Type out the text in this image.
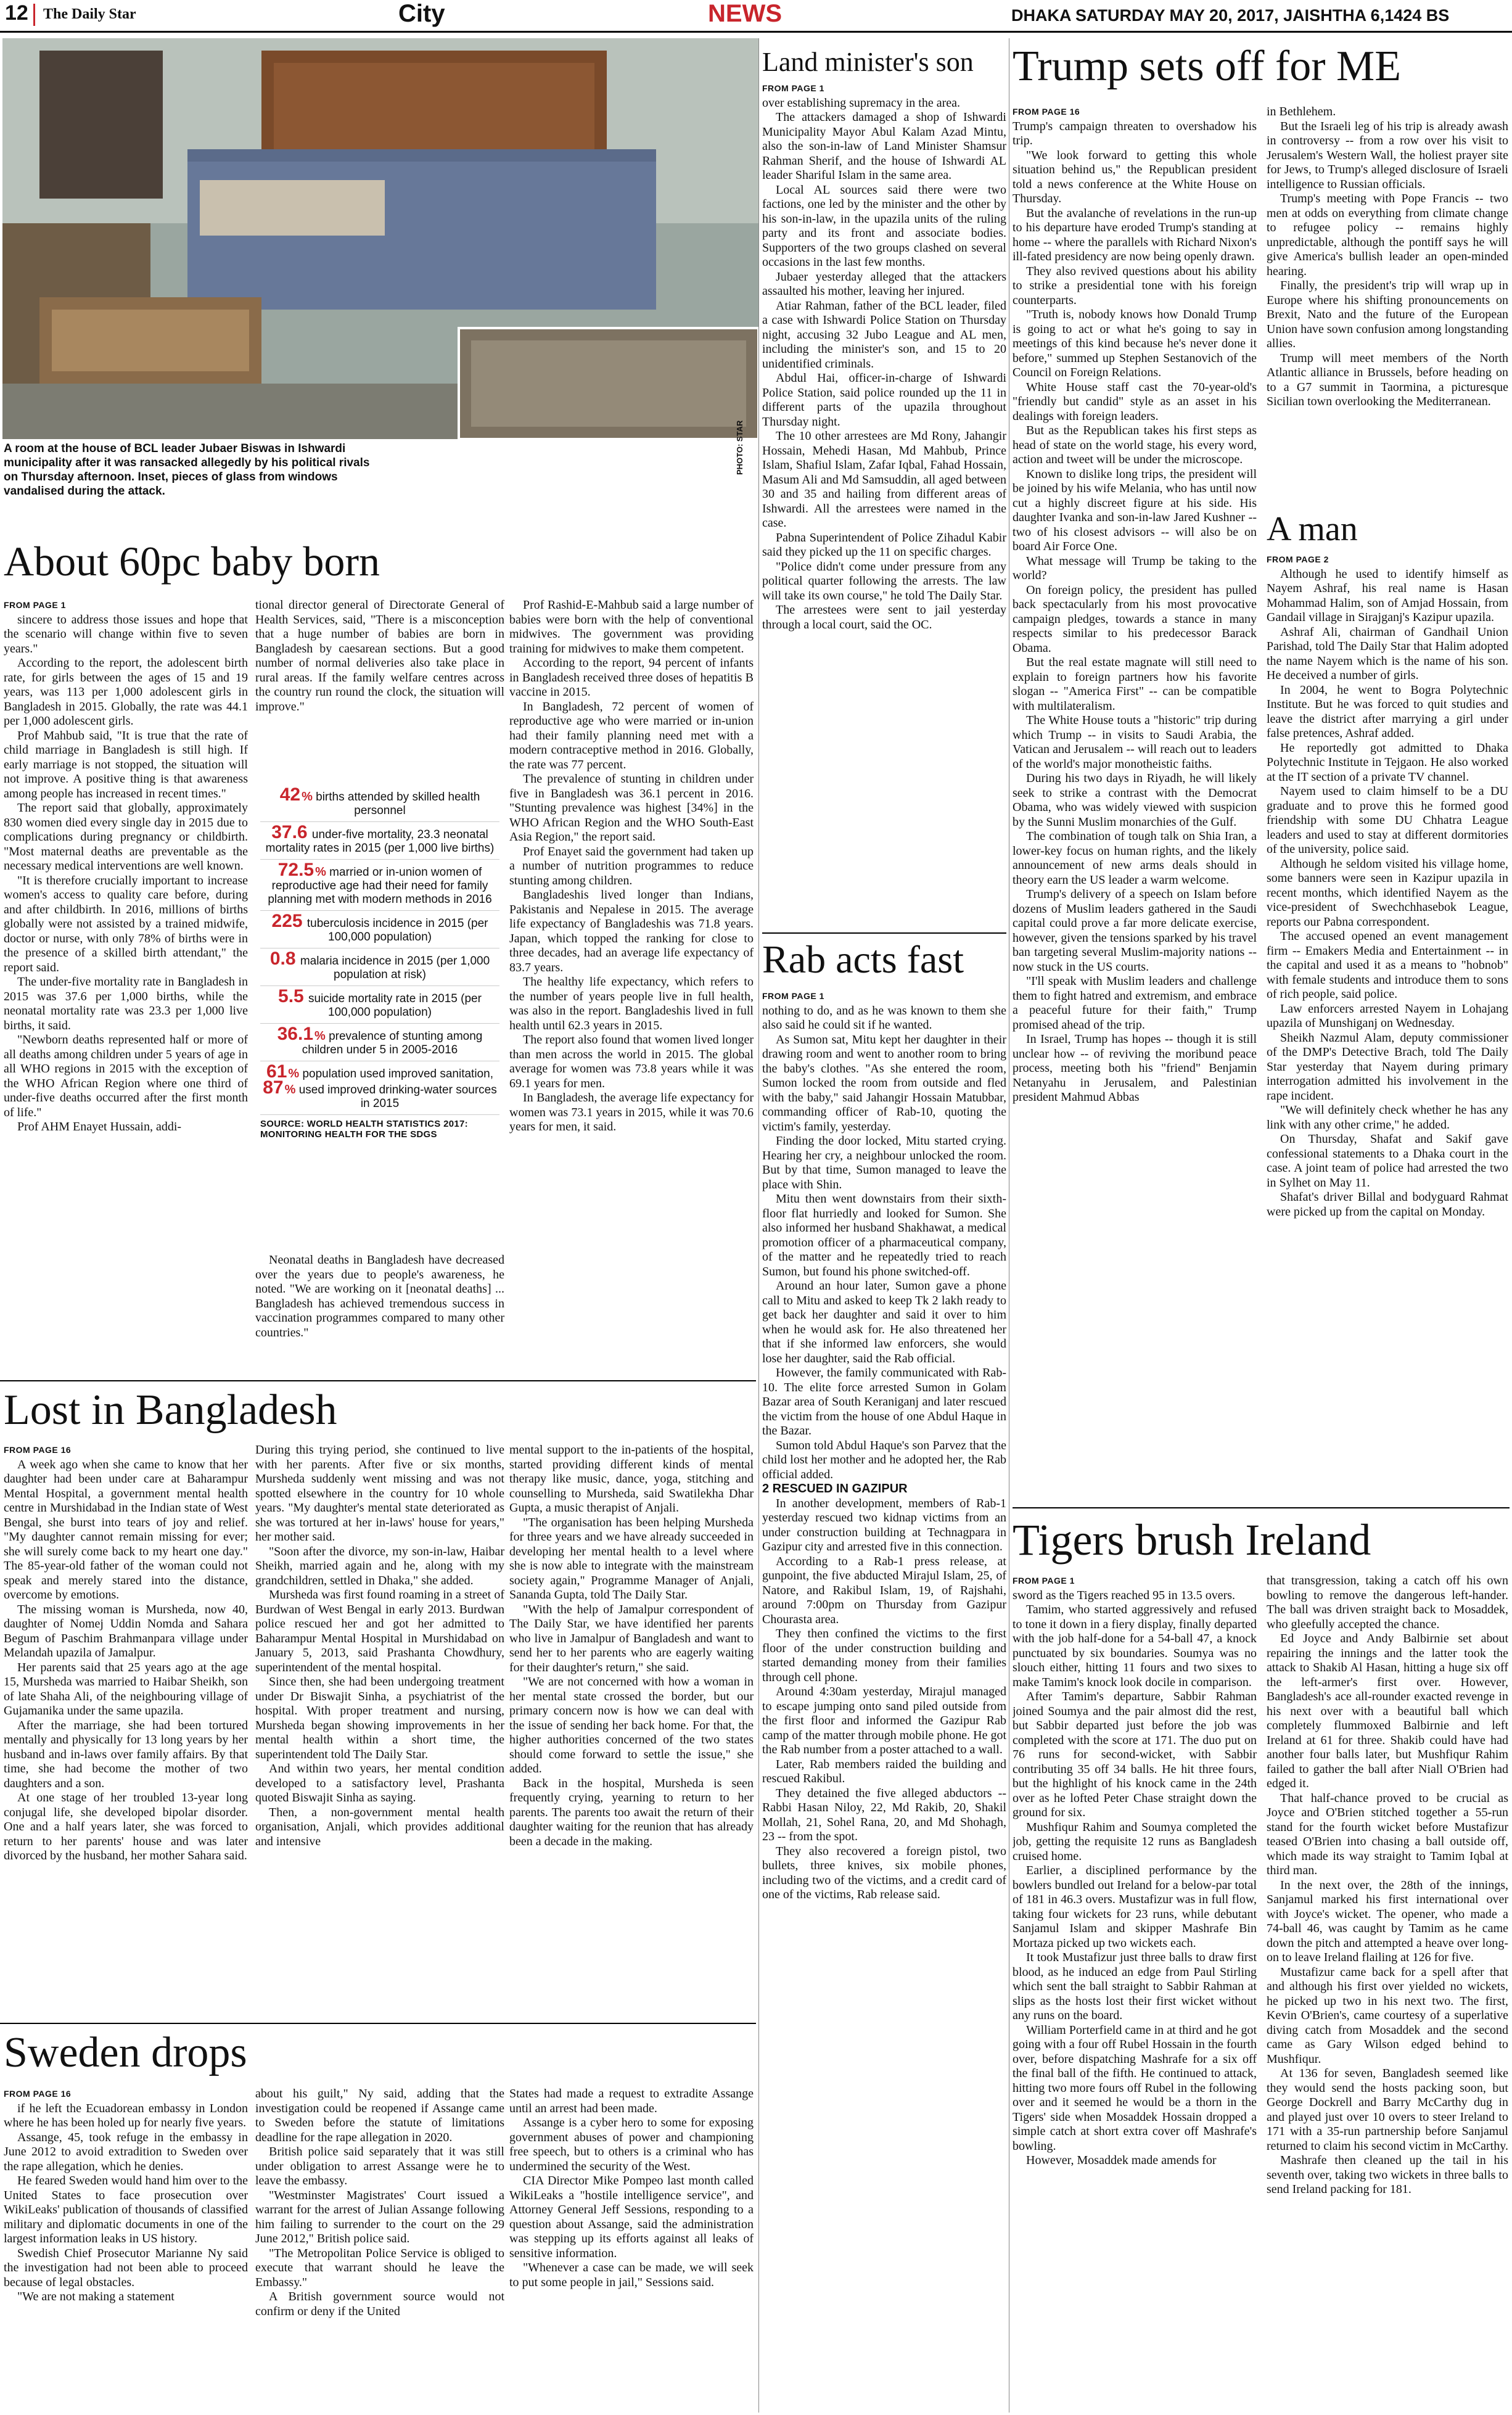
12 The Daily Star	City	NEWS	DHAKA SATURDAY MAY 20, 2017, JAISHTHA 6,1424 BS
A room at the house of BCL leader Jubaer Biswas in Ishwardi municipality after it was ransacked allegedly by his political rivals on Thursday afternoon. Inset, pieces of glass from windows vandalised during the attack.
PHOTO: STAR
About 60pc baby born

FROM PAGE 1

sincere to address those issues and hope that the scenario will change within five to seven years."

According to the report, the adolescent birth rate, for girls between the ages of 15 and 19 years, was 113 per 1,000 adolescent girls in Bangladesh in 2015. Globally, the rate was 44.1 per 1,000 adolescent girls.

Prof Mahbub said, "It is true that the rate of child marriage in Bangladesh is still high. If early marriage is not stopped, the situation will not improve. A positive thing is that awareness among people has increased in recent times."

The report said that globally, approximately 830 women died every single day in 2015 due to complications during pregnancy or childbirth. "Most maternal deaths are preventable as the necessary medical interventions are well known.

"It is therefore crucially important to increase women's access to quality care before, during and after childbirth. In 2016, millions of births globally were not assisted by a trained midwife, doctor or nurse, with only 78% of births were in the presence of a skilled birth attendant," the report said.

The under-five mortality rate in Bangladesh in 2015 was 37.6 per 1,000 births, while the neonatal mortality rate was 23.3 per 1,000 live births, it said.

"Newborn deaths represented half or more of all deaths among children under 5 years of age in all WHO regions in 2015 with the exception of the WHO African Region where one third of under-five deaths occurred after the first month of life."

Prof AHM Enayet Hussain, addi-

tional director general of Directorate General of Health Services, said, "There is a misconception that a huge number of babies are born in Bangladesh by caesarean sections. But a good number of normal deliveries also take place in rural areas. If the family welfare centres across the country run round the clock, the situation will improve."

42 % births attended by skilled health personnel
37.6 under-five mortality, 23.3 neonatal mortality rates in 2015 (per 1,000 live births)
72.5 % married or in-union women of reproductive age had their need for family planning met with modern methods in 2016
225 tuberculosis incidence in 2015 (per 100,000 population)
0.8 malaria incidence in 2015 (per 1,000 population at risk)
5.5 suicide mortality rate in 2015 (per 100,000 population)
36.1 % prevalence of stunting among children under 5 in 2005-2016
61 % population used improved sanitation, 87 % used improved drinking-water sources in 2015
SOURCE: WORLD HEALTH STATISTICS 2017: MONITORING HEALTH FOR THE SDGS

Neonatal deaths in Bangladesh have decreased over the years due to people's awareness, he noted. "We are working on it [neonatal deaths] ... Bangladesh has achieved tremendous success in vaccination programmes compared to many other countries."

Prof Rashid-E-Mahbub said a large number of babies were born with the help of conventional midwives. The government was providing training for midwives to make them competent.

According to the report, 94 percent of infants in Bangladesh received three doses of hepatitis B vaccine in 2015.

In Bangladesh, 72 percent of women of reproductive age who were married or in-union had their family planning need met with a modern contraceptive method in 2016. Globally, the rate was 77 percent.

The prevalence of stunting in children under five in Bangladesh was 36.1 percent in 2016. "Stunting prevalence was highest [34%] in the WHO African Region and the WHO South-East Asia Region," the report said.

Prof Enayet said the government had taken up a number of nutrition programmes to reduce stunting among children.

Bangladeshis lived longer than Indians, Pakistanis and Nepalese in 2015. The average life expectancy of Bangladeshis was 71.8 years. Japan, which topped the ranking for close to three decades, had an average life expectancy of 83.7 years.

The healthy life expectancy, which refers to the number of years people live in full health, was also in the report. Bangladeshis lived in full health until 62.3 years in 2015.

The report also found that women lived longer than men across the world in 2015. The global average for women was 73.8 years while it was 69.1 years for men.

In Bangladesh, the average life expectancy for women was 73.1 years in 2015, while it was 70.6 years for men, it said.

Lost in Bangladesh

FROM PAGE 16

A week ago when she came to know that her daughter had been under care at Baharampur Mental Hospital, a government mental health centre in Murshidabad in the Indian state of West Bengal, she burst into tears of joy and relief. "My daughter cannot remain missing for ever; she will surely come back to my heart one day." The 85-year-old father of the woman could not speak and merely stared into the distance, overcome by emotions.

The missing woman is Mursheda, now 40, daughter of Nomej Uddin Nomda and Sahara Begum of Paschim Brahmanpara village under Melandah upazila of Jamalpur.

Her parents said that 25 years ago at the age 15, Mursheda was married to Haibar Sheikh, son of late Shaha Ali, of the neighbouring village of Gujamanika under the same upazila.

After the marriage, she had been tortured mentally and physically for 13 long years by her husband and in-laws over family affairs. By that time, she had become the mother of two daughters and a son.

At one stage of her troubled 13-year long conjugal life, she developed bipolar disorder. One and a half years later, she was forced to return to her parents' house and was later divorced by the husband, her mother Sahara said.

During this trying period, she continued to live with her parents. After five or six months, Mursheda suddenly went missing and was not spotted elsewhere in the country for 10 whole years. "My daughter's mental state deteriorated as she was tortured at her in-laws' house for years," her mother said.

"Soon after the divorce, my son-in-law, Haibar Sheikh, married again and he, along with my grandchildren, settled in Dhaka," she added.

Mursheda was first found roaming in a street of Burdwan of West Bengal in early 2013. Burdwan police rescued her and got her admitted to Baharampur Mental Hospital in Murshidabad on January 5, 2013, said Prashanta Chowdhury, superintendent of the mental hospital.

Since then, she had been undergoing treatment under Dr Biswajit Sinha, a psychiatrist of the hospital. With proper treatment and nursing, Mursheda began showing improvements in her mental health within a short time, the superintendent told The Daily Star.

And within two years, her mental condition developed to a satisfactory level, Prashanta quoted Biswajit Sinha as saying.

Then, a non-government mental health organisation, Anjali, which provides additional and intensive

mental support to the in-patients of the hospital, started providing different kinds of mental therapy like music, dance, yoga, stitching and counselling to Mursheda, said Swatilekha Dhar Gupta, a music therapist of Anjali.

"The organisation has been helping Mursheda for three years and we have already succeeded in developing her mental health to a level where she is now able to integrate with the mainstream society again," Programme Manager of Anjali, Sananda Gupta, told The Daily Star.

"With the help of Jamalpur correspondent of The Daily Star, we have identified her parents who live in Jamalpur of Bangladesh and want to send her to her parents who are eagerly waiting for their daughter's return," she said.

"We are not concerned with how a woman in her mental state crossed the border, but our primary concern now is how we can deal with the issue of sending her back home. For that, the higher authorities concerned of the two states should come forward to settle the issue," she added.

Back in the hospital, Mursheda is seen frequently crying, yearning to return to her parents. The parents too await the return of their daughter waiting for the reunion that has already been a decade in the making.

Sweden drops

FROM PAGE 16

if he left the Ecuadorean embassy in London where he has been holed up for nearly five years.

Assange, 45, took refuge in the embassy in June 2012 to avoid extradition to Sweden over the rape allegation, which he denies.

He feared Sweden would hand him over to the United States to face prosecution over WikiLeaks' publication of thousands of classified military and diplomatic documents in one of the largest information leaks in US history.

Swedish Chief Prosecutor Marianne Ny said the investigation had not been able to proceed because of legal obstacles.

"We are not making a statement

about his guilt," Ny said, adding that the investigation could be reopened if Assange came to Sweden before the statute of limitations deadline for the rape allegation in 2020.

British police said separately that it was still under obligation to arrest Assange were he to leave the embassy.

"Westminster Magistrates' Court issued a warrant for the arrest of Julian Assange following him failing to surrender to the court on the 29 June 2012," British police said.

"The Metropolitan Police Service is obliged to execute that warrant should he leave the Embassy."

A British government source would not confirm or deny if the United

States had made a request to extradite Assange until an arrest had been made.

Assange is a cyber hero to some for exposing government abuses of power and championing free speech, but to others is a criminal who has undermined the security of the West.

CIA Director Mike Pompeo last month called WikiLeaks a "hostile intelligence service", and Attorney General Jeff Sessions, responding to a question about Assange, said the administration was stepping up its efforts against all leaks of sensitive information.

"Whenever a case can be made, we will seek to put some people in jail," Sessions said.

Land minister's son

FROM PAGE 1

over establishing supremacy in the area.

The attackers damaged a shop of Ishwardi Municipality Mayor Abul Kalam Azad Mintu, also the son-in-law of Land Minister Shamsur Rahman Sherif, and the house of Ishwardi AL leader Shariful Islam in the same area.

Local AL sources said there were two factions, one led by the minister and the other by his son-in-law, in the upazila units of the ruling party and its front and associate bodies. Supporters of the two groups clashed on several occasions in the last few months.

Jubaer yesterday alleged that the attackers assaulted his mother, leaving her injured.

Atiar Rahman, father of the BCL leader, filed a case with Ishwardi Police Station on Thursday night, accusing 32 Jubo League and AL men, including the minister's son, and 15 to 20 unidentified criminals.

Abdul Hai, officer-in-charge of Ishwardi Police Station, said police rounded up the 11 in different parts of the upazila throughout Thursday night.

The 10 other arrestees are Md Rony, Jahangir Hossain, Mehedi Hasan, Md Mahbub, Prince Islam, Shafiul Islam, Zafar Iqbal, Fahad Hossain, Masum Ali and Md Samsuddin, all aged between 30 and 35 and hailing from different areas of Ishwardi. All the arrestees were named in the case.

Pabna Superintendent of Police Zihadul Kabir said they picked up the 11 on specific charges.

"Police didn't come under pressure from any political quarter following the arrests. The law will take its own course," he told The Daily Star.

The arrestees were sent to jail yesterday through a local court, said the OC.

Rab acts fast

FROM PAGE 1

nothing to do, and as he was known to them she also said he could sit if he wanted.

As Sumon sat, Mitu kept her daughter in their drawing room and went to another room to bring the baby's clothes. "As she entered the room, Sumon locked the room from outside and fled with the baby," said Jahangir Hossain Matubbar, commanding officer of Rab-10, quoting the victim's family, yesterday.

Finding the door locked, Mitu started crying. Hearing her cry, a neighbour unlocked the room. But by that time, Sumon managed to leave the place with Shin.

Mitu then went downstairs from their sixth-floor flat hurriedly and looked for Sumon. She also informed her husband Shakhawat, a medical promotion officer of a pharmaceutical company, of the matter and he repeatedly tried to reach Sumon, but found his phone switched-off.

Around an hour later, Sumon gave a phone call to Mitu and asked to keep Tk 2 lakh ready to get back her daughter and said it over to him when he would ask for. He also threatened her that if she informed law enforcers, she would lose her daughter, said the Rab official.

However, the family communicated with Rab-10. The elite force arrested Sumon in Golam Bazar area of South Keraniganj and later rescued the victim from the house of one Abdul Haque in the Bazar.

Sumon told Abdul Haque's son Parvez that the child lost her mother and he adopted her, the Rab official added.

2 RESCUED IN GAZIPUR

In another development, members of Rab-1 yesterday rescued two kidnap victims from an under construction building at Technagpara in Gazipur city and arrested five in this connection.

According to a Rab-1 press release, at gunpoint, the five abducted Mirajul Islam, 25, of Natore, and Rakibul Islam, 19, of Rajshahi, around 7:00pm on Thursday from Gazipur Chourasta area.

They then confined the victims to the first floor of the under construction building and started demanding money from their families through cell phone.

Around 4:30am yesterday, Mirajul managed to escape jumping onto sand piled outside from the first floor and informed the Gazipur Rab camp of the matter through mobile phone. He got the Rab number from a poster attached to a wall.

Later, Rab members raided the building and rescued Rakibul.

They detained the five alleged abductors -- Rabbi Hasan Niloy, 22, Md Rakib, 20, Shakil Mollah, 21, Sohel Rana, 20, and Md Shohagh, 23 -- from the spot.

They also recovered a foreign pistol, two bullets, three knives, six mobile phones, including two of the victims, and a credit card of one of the victims, Rab release said.

Trump sets off for ME

FROM PAGE 16

Trump's campaign threaten to overshadow his trip.

"We look forward to getting this whole situation behind us," the Republican president told a news conference at the White House on Thursday.

But the avalanche of revelations in the run-up to his departure have eroded Trump's standing at home -- where the parallels with Richard Nixon's ill-fated presidency are now being openly drawn.

They also revived questions about his ability to strike a presidential tone with his foreign counterparts.

"Truth is, nobody knows how Donald Trump is going to act or what he's going to say in meetings of this kind because he's never done it before," summed up Stephen Sestanovich of the Council on Foreign Relations.

White House staff cast the 70-year-old's "friendly but candid" style as an asset in his dealings with foreign leaders.

But as the Republican takes his first steps as head of state on the world stage, his every word, action and tweet will be under the microscope.

Known to dislike long trips, the president will be joined by his wife Melania, who has until now cut a highly discreet figure at his side. His daughter Ivanka and son-in-law Jared Kushner -- two of his closest advisors -- will also be on board Air Force One.

What message will Trump be taking to the world?

On foreign policy, the president has pulled back spectacularly from his most provocative campaign pledges, towards a stance in many respects similar to his predecessor Barack Obama.

But the real estate magnate will still need to explain to foreign partners how his favorite slogan -- "America First" -- can be compatible with multilateralism.

The White House touts a "historic" trip during which Trump -- in visits to Saudi Arabia, the Vatican and Jerusalem -- will reach out to leaders of the world's major monotheistic faiths.

During his two days in Riyadh, he will likely seek to strike a contrast with the Democrat Obama, who was widely viewed with suspicion by the Sunni Muslim monarchies of the Gulf.

The combination of tough talk on Shia Iran, a lower-key focus on human rights, and the likely announcement of new arms deals should in theory earn the US leader a warm welcome.

Trump's delivery of a speech on Islam before dozens of Muslim leaders gathered in the Saudi capital could prove a far more delicate exercise, however, given the tensions sparked by his travel ban targeting several Muslim-majority nations -- now stuck in the US courts.

"I'll speak with Muslim leaders and challenge them to fight hatred and extremism, and embrace a peaceful future for their faith," Trump promised ahead of the trip.

In Israel, Trump has hopes -- though it is still unclear how -- of reviving the moribund peace process, meeting both his "friend" Benjamin Netanyahu in Jerusalem, and Palestinian president Mahmud Abbas

in Bethlehem.

But the Israeli leg of his trip is already awash in controversy -- from a row over his visit to Jerusalem's Western Wall, the holiest prayer site for Jews, to Trump's alleged disclosure of Israeli intelligence to Russian officials.

Trump's meeting with Pope Francis -- two men at odds on everything from climate change to refugee policy -- remains highly unpredictable, although the pontiff says he will give America's bullish leader an open-minded hearing.

Finally, the president's trip will wrap up in Europe where his shifting pronouncements on Brexit, Nato and the future of the European Union have sown confusion among longstanding allies.

Trump will meet members of the North Atlantic alliance in Brussels, before heading on to a G7 summit in Taormina, a picturesque Sicilian town overlooking the Mediterranean.

A man

FROM PAGE 2

Although he used to identify himself as Nayem Ashraf, his real name is Hasan Mohammad Halim, son of Amjad Hossain, from Gandail village in Sirajganj's Kazipur upazila.

Ashraf Ali, chairman of Gandhail Union Parishad, told The Daily Star that Halim adopted the name Nayem which is the name of his son. He deceived a number of girls.

In 2004, he went to Bogra Polytechnic Institute. But he was forced to quit studies and leave the district after marrying a girl under false pretences, Ashraf added.

He reportedly got admitted to Dhaka Polytechnic Institute in Tejgaon. He also worked at the IT section of a private TV channel.

Nayem used to claim himself to be a DU graduate and to prove this he formed good friendship with some DU Chhatra League leaders and used to stay at different dormitories of the university, police said.

Although he seldom visited his village home, some banners were seen in Kazipur upazila in recent months, which identified Nayem as the vice-president of Swechchhasebok League, reports our Pabna correspondent.

The accused opened an event management firm -- Emakers Media and Entertainment -- in the capital and used it as a means to "hobnob" with female students and introduce them to sons of rich people, said police.

Law enforcers arrested Nayem in Lohajang upazila of Munshiganj on Wednesday.

Sheikh Nazmul Alam, deputy commissioner of the DMP's Detective Brach, told The Daily Star yesterday that Nayem during primary interrogation admitted his involvement in the rape incident.

"We will definitely check whether he has any link with any other crime," he added.

On Thursday, Shafat and Sakif gave confessional statements to a Dhaka court in the case. A joint team of police had arrested the two in Sylhet on May 11.

Shafat's driver Billal and bodyguard Rahmat were picked up from the capital on Monday.

Tigers brush Ireland

FROM PAGE 1

sword as the Tigers reached 95 in 13.5 overs.

Tamim, who started aggressively and refused to tone it down in a fiery display, finally departed with the job half-done for a 54-ball 47, a knock punctuated by six boundaries. Soumya was no slouch either, hitting 11 fours and two sixes to make Tamim's knock look docile in comparison.

After Tamim's departure, Sabbir Rahman joined Soumya and the pair almost did the rest, but Sabbir departed just before the job was completed with the score at 171. The duo put on 76 runs for second-wicket, with Sabbir contributing 35 off 34 balls. He hit three fours, but the highlight of his knock came in the 24th over as he lofted Peter Chase straight down the ground for six.

Mushfiqur Rahim and Soumya completed the job, getting the requisite 12 runs as Bangladesh cruised home.

Earlier, a disciplined performance by the bowlers bundled out Ireland for a below-par total of 181 in 46.3 overs. Mustafizur was in full flow, taking four wickets for 23 runs, while debutant Sanjamul Islam and skipper Mashrafe Bin Mortaza picked up two wickets each.

It took Mustafizur just three balls to draw first blood, as he induced an edge from Paul Stirling which sent the ball straight to Sabbir Rahman at slips as the hosts lost their first wicket without any runs on the board.

William Porterfield came in at third and he got going with a four off Rubel Hossain in the fourth over, before dispatching Mashrafe for a six off the final ball of the fifth. He continued to attack, hitting two more fours off Rubel in the following over and it seemed he would be a thorn in the Tigers' side when Mosaddek Hossain dropped a simple catch at short extra cover off Mashrafe's bowling.

However, Mosaddek made amends for

that transgression, taking a catch off his own bowling to remove the dangerous left-hander. The ball was driven straight back to Mosaddek, who gleefully accepted the chance.

Ed Joyce and Andy Balbirnie set about repairing the innings and the latter took the attack to Shakib Al Hasan, hitting a huge six off the left-armer's first over. However, Bangladesh's ace all-rounder exacted revenge in his next over with a beautiful ball which completely flummoxed Balbirnie and left Ireland at 61 for three. Shakib could have had another four balls later, but Mushfiqur Rahim failed to gather the ball after Niall O'Brien had edged it.

That half-chance proved to be crucial as Joyce and O'Brien stitched together a 55-run stand for the fourth wicket before Mustafizur teased O'Brien into chasing a ball outside off, which made its way straight to Tamim Iqbal at third man.

In the next over, the 28th of the innings, Sanjamul marked his first international over with Joyce's wicket. The opener, who made a 74-ball 46, was caught by Tamim as he came down the pitch and attempted a heave over long-on to leave Ireland flailing at 126 for five.

Mustafizur came back for a spell after that and although his first over yielded no wickets, he picked up two in his next two. The first, Kevin O'Brien's, came courtesy of a superlative diving catch from Mosaddek and the second came as Gary Wilson edged behind to Mushfiqur.

At 136 for seven, Bangladesh seemed like they would send the hosts packing soon, but George Dockrell and Barry McCarthy dug in and played just over 10 overs to steer Ireland to 171 with a 35-run partnership before Sanjamul returned to claim his second victim in McCarthy.

Mashrafe then cleaned up the tail in his seventh over, taking two wickets in three balls to send Ireland packing for 181.
